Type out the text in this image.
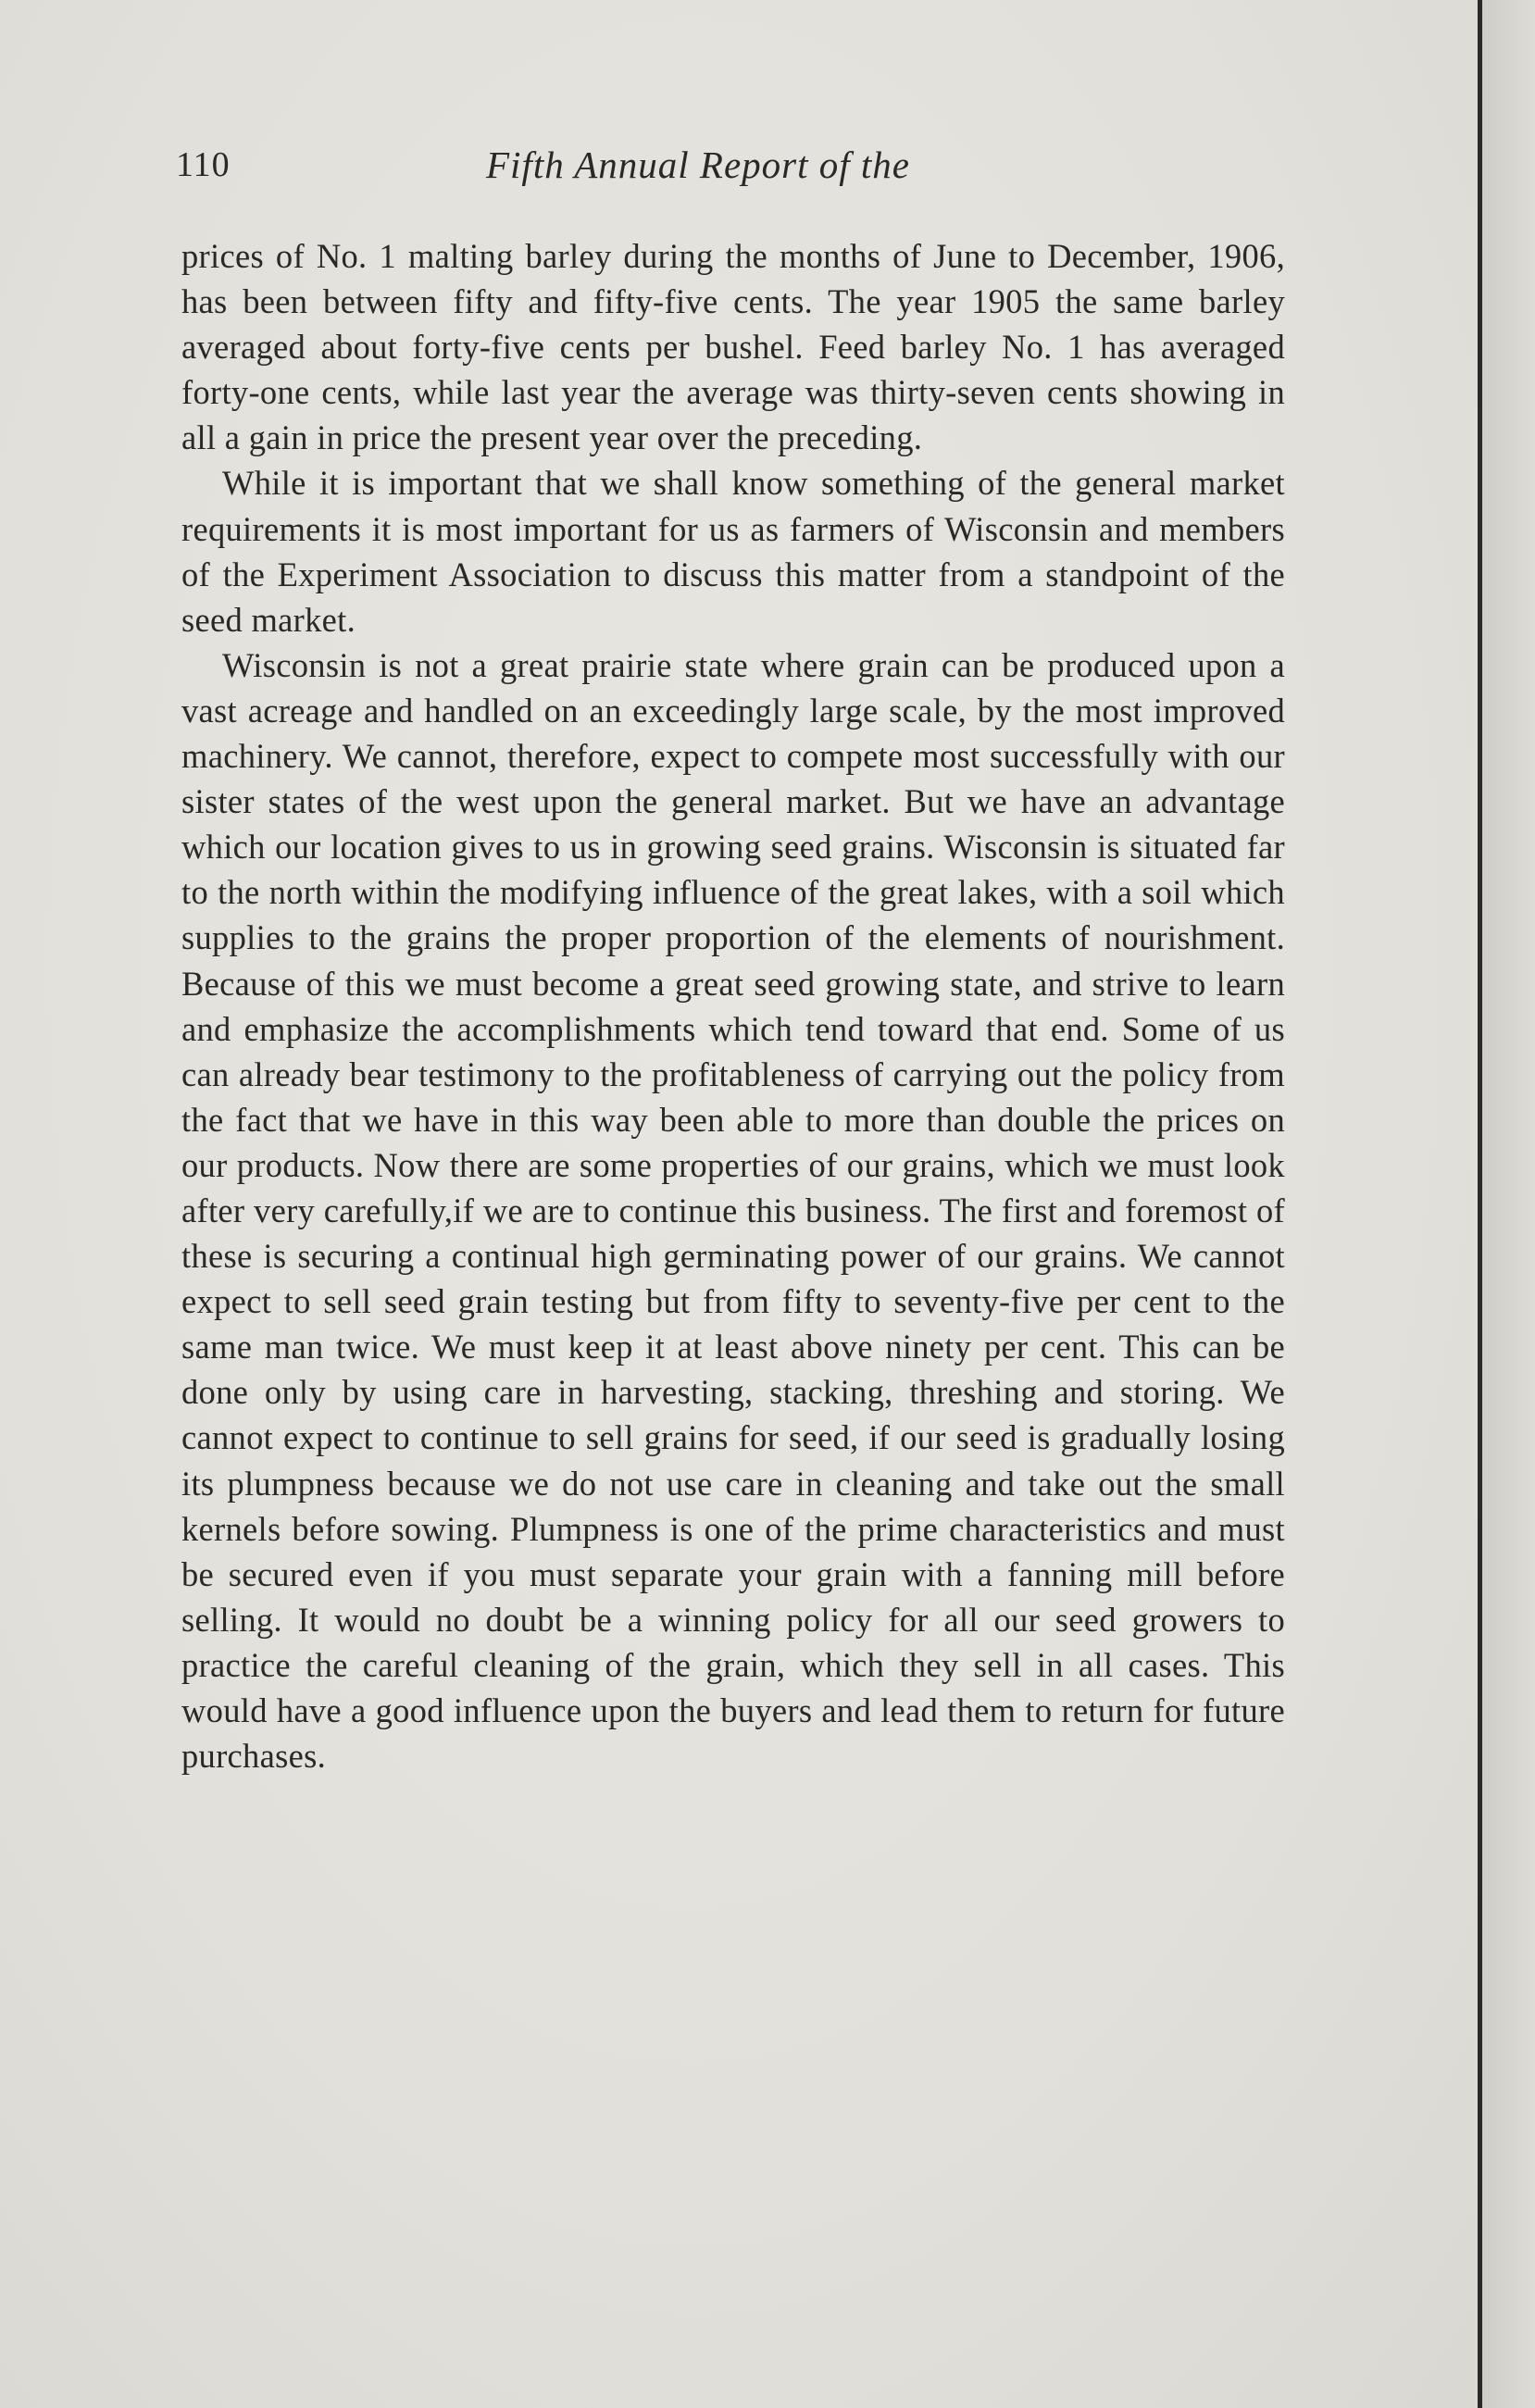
110	Fifth Annual Report of the

prices of No. 1 malting barley during the months of June to December, 1906, has been between fifty and fifty-five cents. The year 1905 the same barley averaged about forty-five cents per bushel. Feed barley No. 1 has averaged forty-one cents, while last year the average was thirty-seven cents showing in all a gain in price the present year over the preceding.

While it is important that we shall know something of the general market requirements it is most important for us as farmers of Wisconsin and members of the Experiment Association to discuss this matter from a standpoint of the seed market.

Wisconsin is not a great prairie state where grain can be produced upon a vast acreage and handled on an exceedingly large scale, by the most improved machinery. We cannot, therefore, expect to compete most successfully with our sister states of the west upon the general market. But we have an advantage which our location gives to us in growing seed grains. Wisconsin is situated far to the north within the modifying influence of the great lakes, with a soil which supplies to the grains the proper proportion of the elements of nourishment. Because of this we must become a great seed growing state, and strive to learn and emphasize the accomplishments which tend toward that end. Some of us can already bear testimony to the profitableness of carrying out the policy from the fact that we have in this way been able to more than double the prices on our products. Now there are some properties of our grains, which we must look after very carefully,if we are to continue this business. The first and foremost of these is securing a continual high germinating power of our grains. We cannot expect to sell seed grain testing but from fifty to seventy-five per cent to the same man twice. We must keep it at least above ninety per cent. This can be done only by using care in harvesting, stacking, threshing and storing. We cannot expect to continue to sell grains for seed, if our seed is gradually losing its plumpness because we do not use care in cleaning and take out the small kernels before sowing. Plumpness is one of the prime characteristics and must be secured even if you must separate your grain with a fanning mill before selling. It would no doubt be a winning policy for all our seed growers to practice the careful cleaning of the grain, which they sell in all cases. This would have a good influence upon the buyers and lead them to return for future purchases.
